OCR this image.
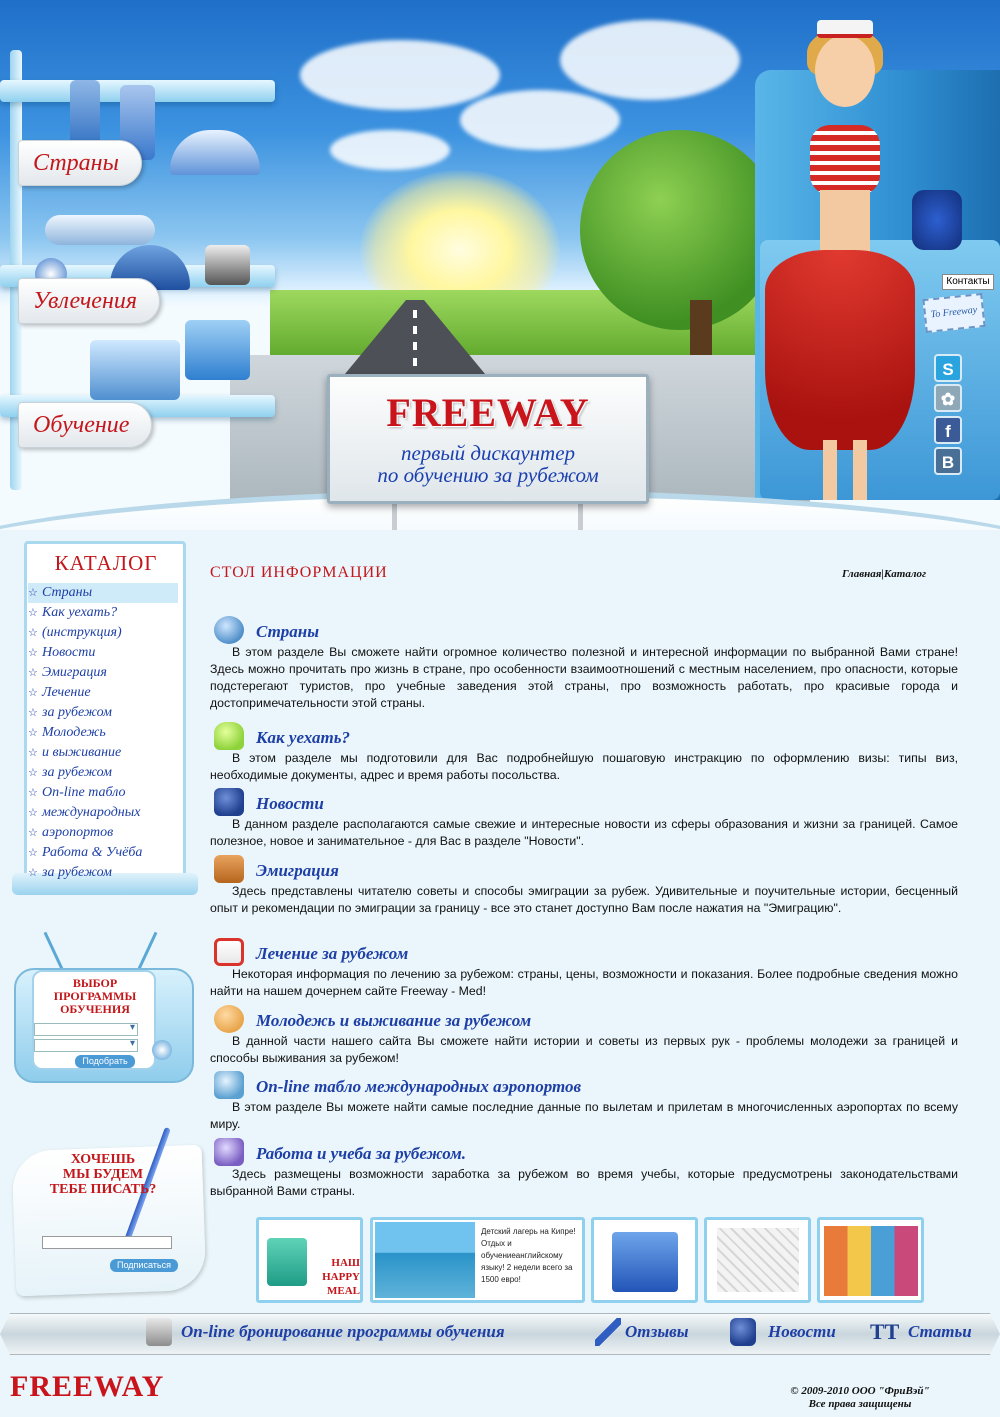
Страны
Увлечения
Обучение
Контакты
To Freeway
S
✿
f
B
FREEWAY
первый дискаунтер
по обучению за рубежом
КАТАЛОГ
☆ Страны
☆ Как уехать?
☆ (инструкция)
☆ Новости
☆ Эмиграция
☆ Лечение
☆ за рубежом
☆ Молодежь
☆ и выживание
☆ за рубежом
☆ On-line табло
☆ международных
☆ аэропортов
☆ Работа & Учёба
☆ за рубежом
ВЫБОР
ПРОГРАММЫ
ОБУЧЕНИЯ
▾
▾
Подобрать
ХОЧЕШЬ
МЫ БУДЕМ
ТЕБЕ ПИСАТЬ?
Подписаться
СТОЛ ИНФОРМАЦИИ	Главная|Каталог
Страны

В этом разделе Вы сможете найти огромное количество полезной и интересной информации по выбранной Вами стране! Здесь можно прочитать про жизнь в стране, про особенности взаимоотношений с местным населением, про опасности, которые подстерегают туристов, про учебные заведения этой страны, про возможность работать, про красивые города и достопримечательности этой страны.

Как уехать?

В этом разделе мы подготовили для Вас подробнейшую пошаговую инстракцию по оформлению визы: типы виз, необходимые документы, адрес и время работы посольства.

Новости

В данном разделе располагаются самые свежие и интересные новости из сферы образования и жизни за границей. Самое полезное, новое и занимательное - для Вас в разделе "Новости".

Эмиграция

Здесь представлены читателю советы и способы эмиграции за рубеж. Удивительные и поучительные истории, бесценный опыт и рекомендации по эмиграции за границу - все это станет доступно Вам после нажатия на "Эмиграцию".

Лечение за рубежом

Некоторая информация по лечению за рубежом: страны, цены, возможности и показания. Более подробные сведения можно найти на нашем дочернем сайте Freeway - Med!

Молодежь и выживание за рубежом

В данной части нашего сайта Вы сможете найти истории и советы из первых рук - проблемы молодежи за границей и способы выживания за рубежом!

On-line табло международных аэропортов

В этом разделе Вы можете найти самые последние данные по вылетам и прилетам в многочисленных аэропортах по всему миру.

Работа и учеба за рубежом.

Здесь размещены возможности заработка за рубежом во время учебы, которые предусмотрены законодательствами выбранной Вами страны.

НАШ
HAPPY MEAL
Детский лагерь на Кипре! Отдых и обучениеанглийскому языку! 2 недели всего за 1500 евро!
On-line бронирование программы обучения	Отзывы	Новости TT Статьи
FREEWAY	© 2009-2010 ООО "ФриВэй"
Все права защищены
